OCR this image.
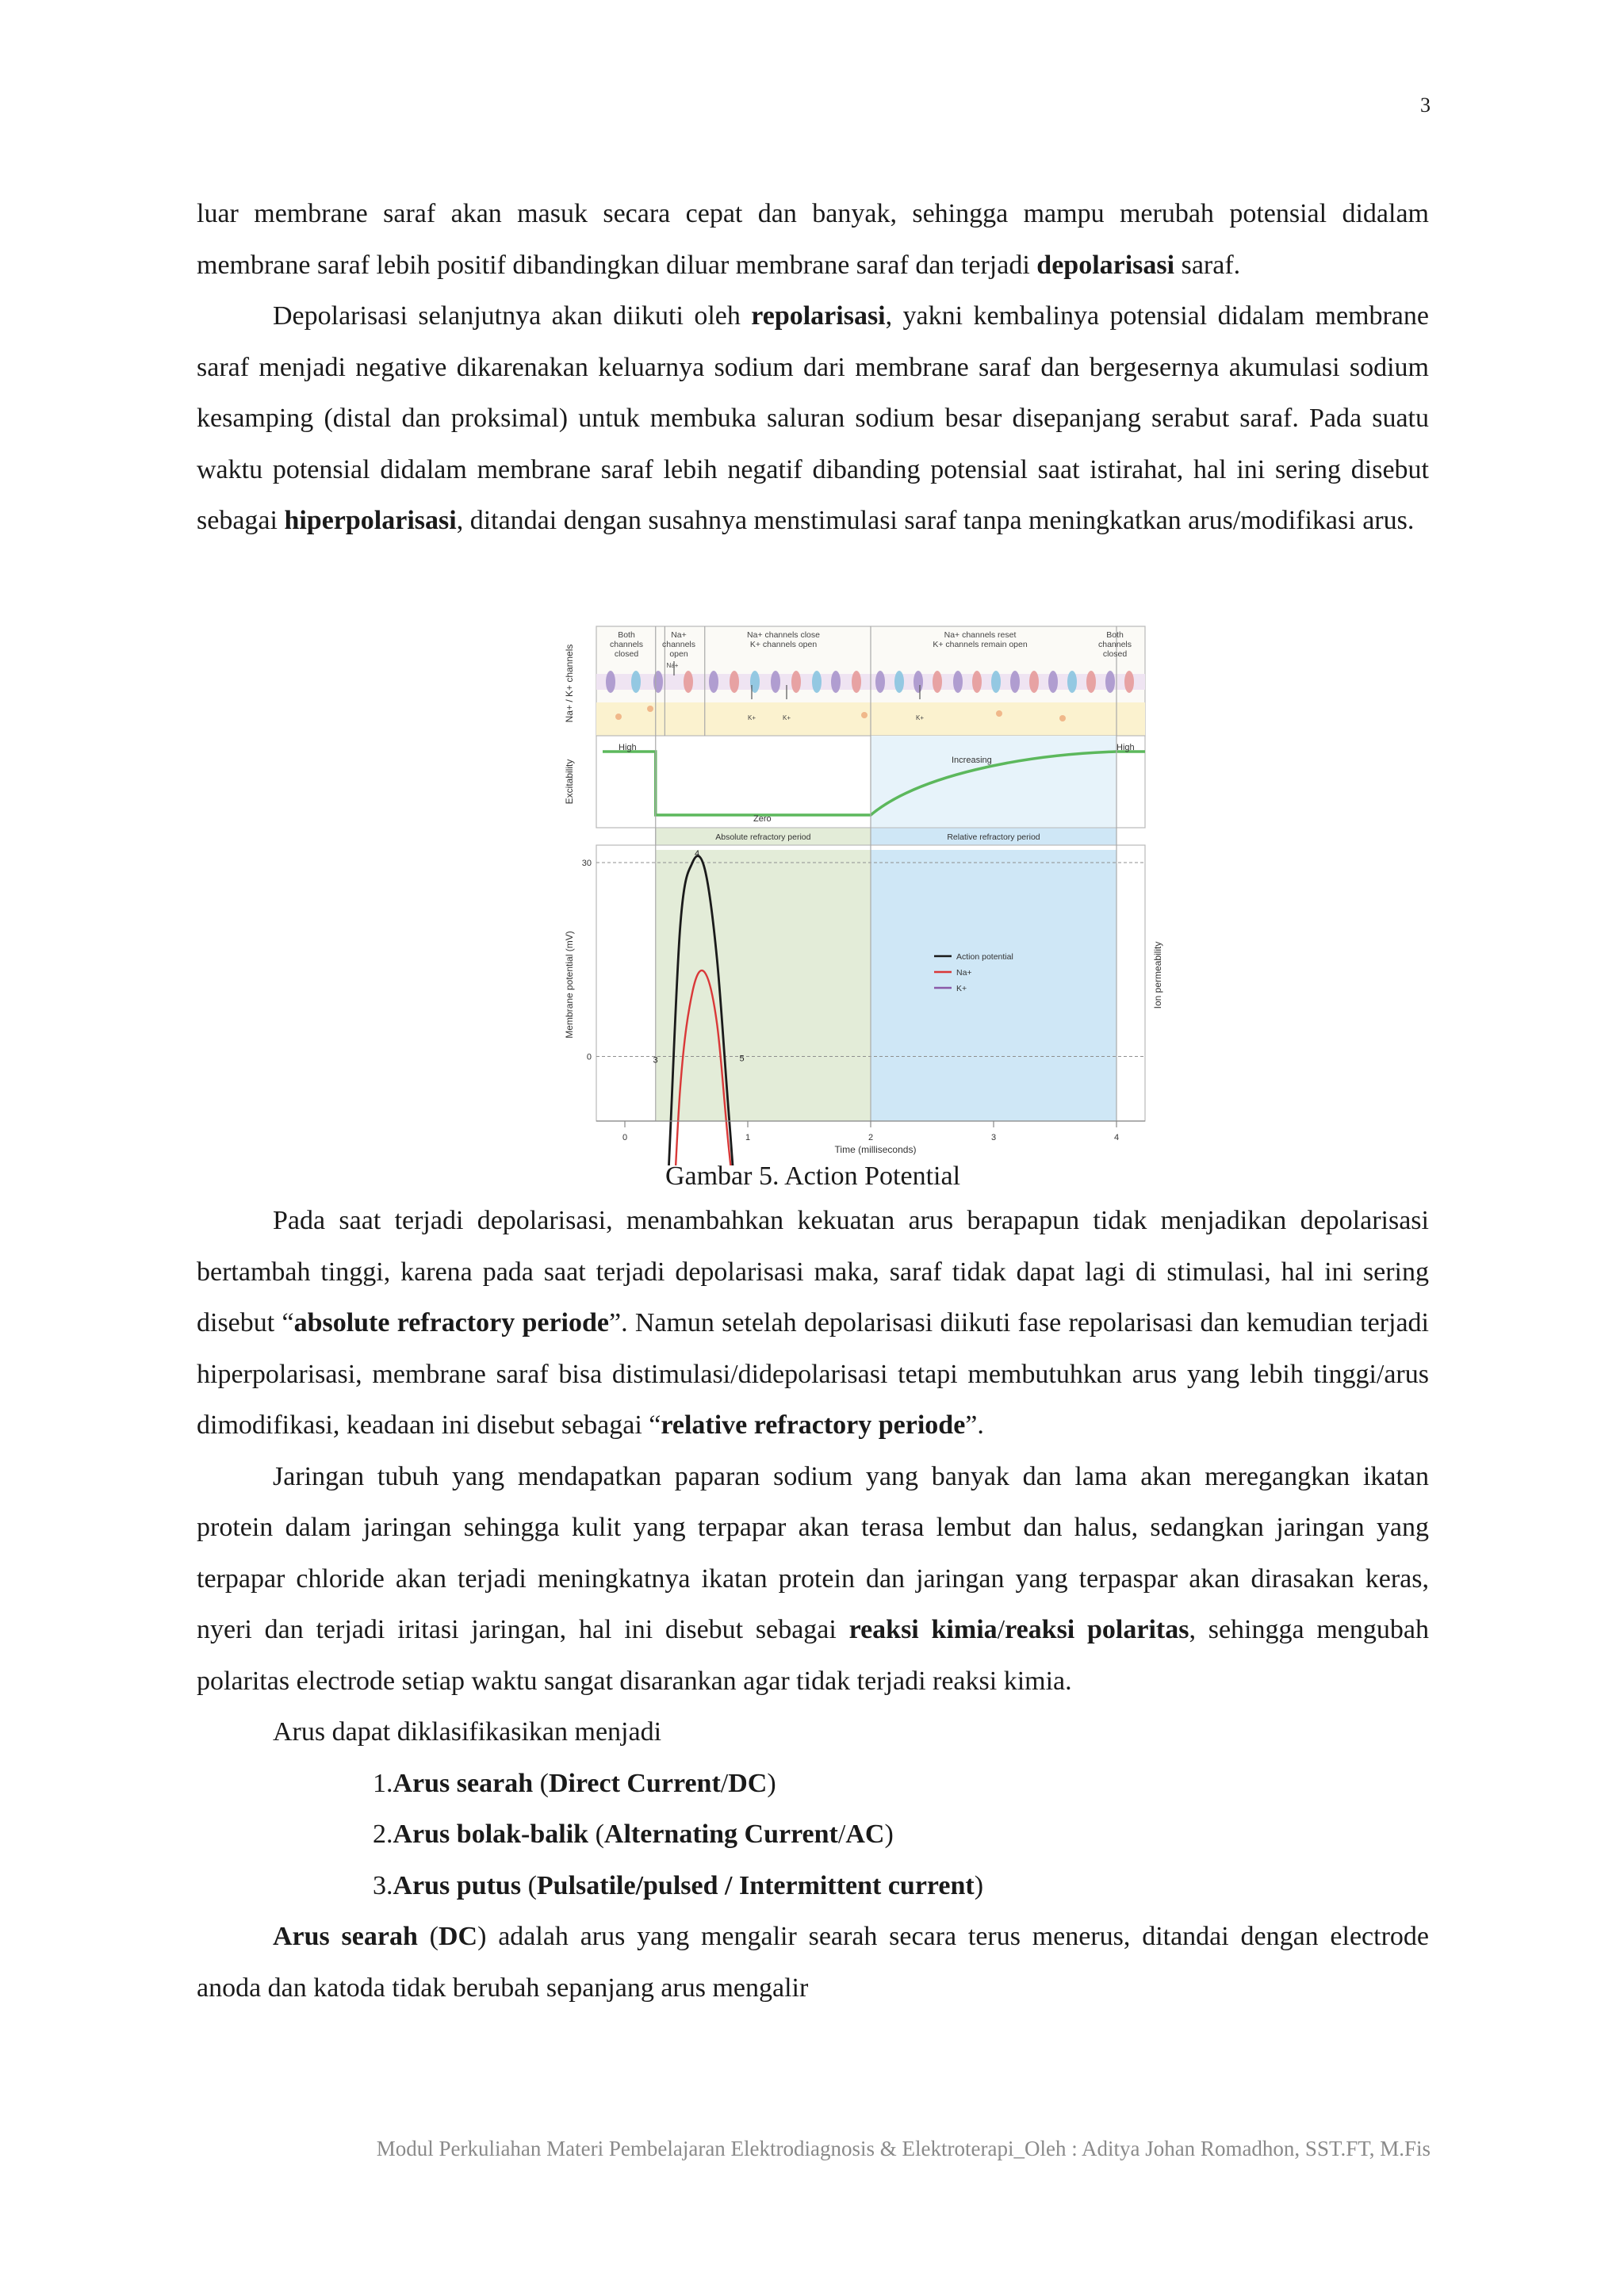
3

luar membrane saraf akan masuk secara cepat dan banyak, sehingga mampu merubah potensial didalam membrane saraf lebih positif dibandingkan diluar membrane saraf dan terjadi depolarisasi saraf.

Depolarisasi selanjutnya akan diikuti oleh repolarisasi, yakni kembalinya potensial didalam membrane saraf menjadi negative dikarenakan keluarnya sodium dari membrane saraf dan bergesernya akumulasi sodium kesamping (distal dan proksimal) untuk membuka saluran sodium besar disepanjang serabut saraf. Pada suatu waktu potensial didalam membrane saraf lebih negatif dibanding potensial saat istirahat, hal ini sering disebut sebagai hiperpolarisasi, ditandai dengan susahnya menstimulasi saraf tanpa meningkatkan arus/modifikasi arus.

3
4
5
0	1	2	3	4
30
0
Na+ / K+ channels
Excitability
Membrane potential (mV)	Ion permeability
Time (milliseconds)
Both
channels
closed
Na+
channels
open
Na+ channels close
K+ channels open
Na+ channels reset
K+ channels remain open
Both
channels
closed
Na+
K+	K+	K+
High	High
Zero
Increasing
Absolute refractory period	Relative refractory period
Action potential
Na+
K+
Gambar 5. Action Potential

Pada saat terjadi depolarisasi, menambahkan kekuatan arus berapapun tidak menjadikan depolarisasi bertambah tinggi, karena pada saat terjadi depolarisasi maka, saraf tidak dapat lagi di stimulasi, hal ini sering disebut “absolute refractory periode”. Namun setelah depolarisasi diikuti fase repolarisasi dan kemudian terjadi hiperpolarisasi, membrane saraf bisa distimulasi/didepolarisasi tetapi membutuhkan arus yang lebih tinggi/arus dimodifikasi, keadaan ini disebut sebagai “relative refractory periode”.

Jaringan tubuh yang mendapatkan paparan sodium yang banyak dan lama akan meregangkan ikatan protein dalam jaringan sehingga kulit yang terpapar akan terasa lembut dan halus, sedangkan jaringan yang terpapar chloride akan terjadi meningkatnya ikatan protein dan jaringan yang terpaspar akan dirasakan keras, nyeri dan terjadi iritasi jaringan, hal ini disebut sebagai reaksi kimia/reaksi polaritas, sehingga mengubah polaritas electrode setiap waktu sangat disarankan agar tidak terjadi reaksi kimia.

Arus dapat diklasifikasikan menjadi

1.Arus searah (Direct Current/DC)

2.Arus bolak-balik (Alternating Current/AC)

3.Arus putus (Pulsatile/pulsed / Intermittent current)

Arus searah (DC) adalah arus yang mengalir searah secara terus menerus, ditandai dengan electrode anoda dan katoda tidak berubah sepanjang arus mengalir

Modul Perkuliahan Materi Pembelajaran Elektrodiagnosis & Elektroterapi_Oleh : Aditya Johan Romadhon, SST.FT, M.Fis
